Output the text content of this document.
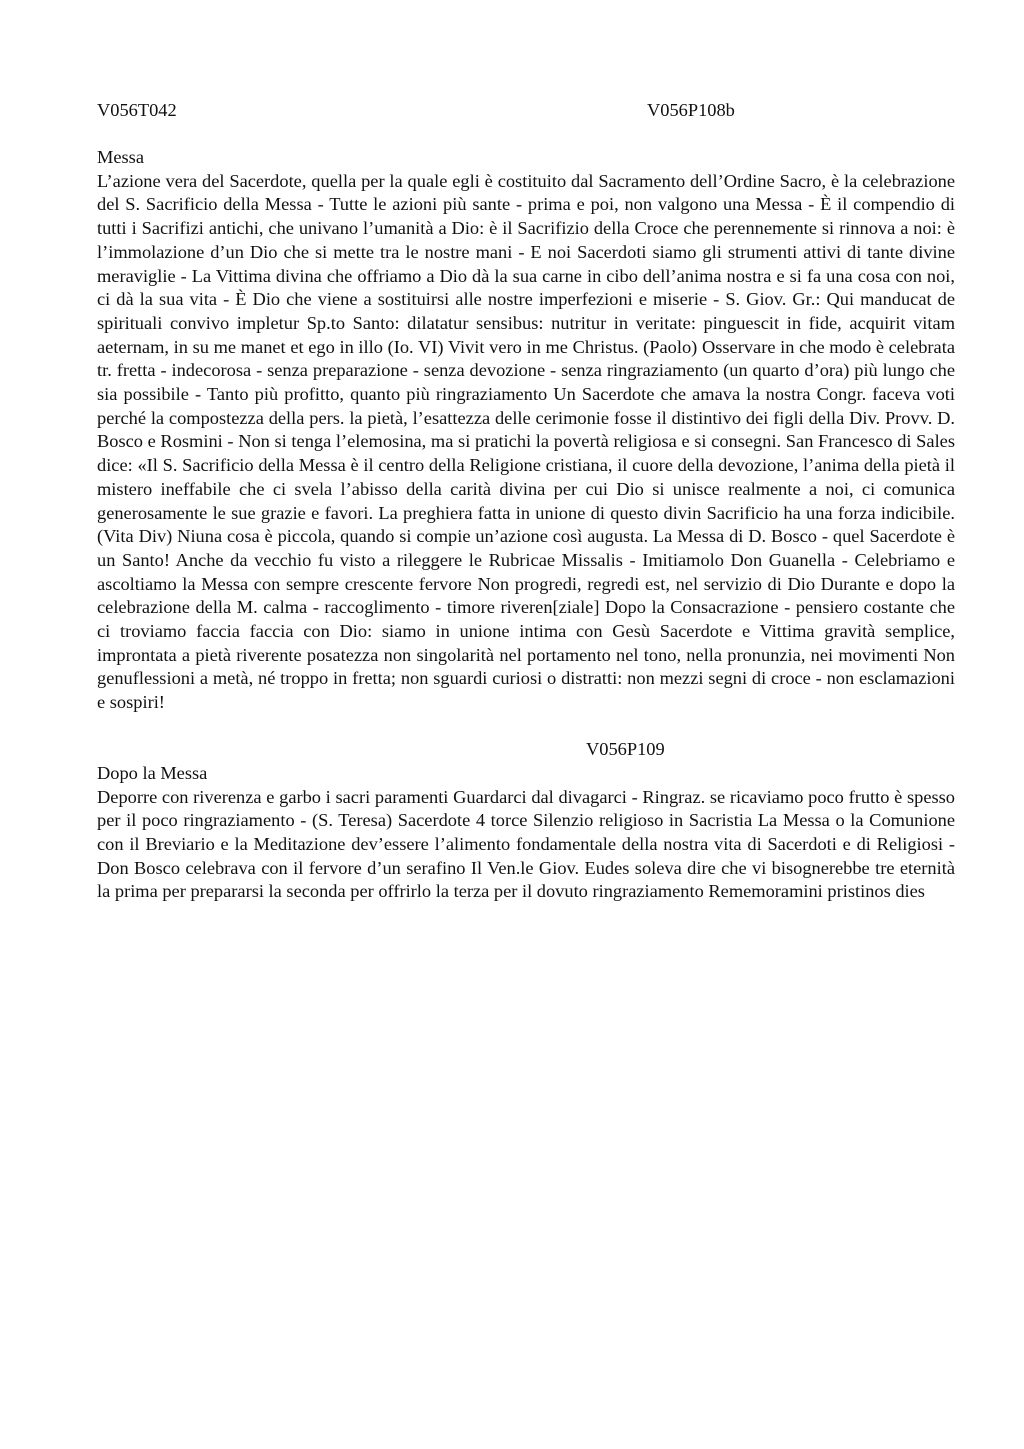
V056T042	V056P108b
Messa

L’azione vera del Sacerdote, quella per la quale egli è costituito dal Sacramento dell’Ordine Sacro, è la celebrazione del S. Sacrificio della Messa - Tutte le azioni più sante - prima e poi, non valgono una Messa - È il compendio di tutti i Sacrifizi antichi, che univano l’umanità a Dio: è il Sacrifizio della Croce che perennemente si rinnova a noi: è l’immolazione d’un Dio che si mette tra le nostre mani - E noi Sacerdoti siamo gli strumenti attivi di tante divine meraviglie - La Vittima divina che offriamo a Dio dà la sua carne in cibo dell’anima nostra e si fa una cosa con noi, ci dà la sua vita - È Dio che viene a sostituirsi alle nostre imperfezioni e miserie - S. Giov. Gr.: Qui manducat de spirituali convivo impletur Sp.to Santo: dilatatur sensibus: nutritur in veritate: pinguescit in fide, acquirit vitam aeternam, in su me manet et ego in illo (Io. VI) Vivit vero in me Christus. (Paolo) Osservare in che modo è celebrata tr. fretta - indecorosa - senza preparazione - senza devozione - senza ringraziamento (un quarto d’ora) più lungo che sia possibile - Tanto più profitto, quanto più ringraziamento Un Sacerdote che amava la nostra Congr. faceva voti perché la compostezza della pers. la pietà, l’esattezza delle cerimonie fosse il distintivo dei figli della Div. Provv. D. Bosco e Rosmini - Non si tenga l’elemosina, ma si pratichi la povertà religiosa e si consegni. San Francesco di Sales dice: «Il S. Sacrificio della Messa è il centro della Religione cristiana, il cuore della devozione, l’anima della pietà il mistero ineffabile che ci svela l’abisso della carità divina per cui Dio si unisce realmente a noi, ci comunica generosamente le sue grazie e favori. La preghiera fatta in unione di questo divin Sacrificio ha una forza indicibile. (Vita Div) Niuna cosa è piccola, quando si compie un’azione così augusta. La Messa di D. Bosco - quel Sacerdote è un Santo! Anche da vecchio fu visto a rileggere le Rubricae Missalis - Imitiamolo Don Guanella - Celebriamo e ascoltiamo la Messa con sempre crescente fervore Non progredi, regredi est, nel servizio di Dio Durante e dopo la celebrazione della M. calma - raccoglimento - timore riveren[ziale] Dopo la Consacrazione - pensiero costante che ci troviamo faccia faccia con Dio: siamo in unione intima con Gesù Sacerdote e Vittima gravità semplice, improntata a pietà riverente posatezza non singolarità nel portamento nel tono, nella pronunzia, nei movimenti Non genuflessioni a metà, né troppo in fretta; non sguardi curiosi o distratti: non mezzi segni di croce - non esclamazioni e sospiri!

V056P109
Dopo la Messa

Deporre con riverenza e garbo i sacri paramenti Guardarci dal divagarci - Ringraz. se ricaviamo poco frutto è spesso per il poco ringraziamento - (S. Teresa) Sacerdote 4 torce Silenzio religioso in Sacristia La Messa o la Comunione con il Breviario e la Meditazione dev’essere l’alimento fondamentale della nostra vita di Sacerdoti e di Religiosi - Don Bosco celebrava con il fervore d’un serafino Il Ven.le Giov. Eudes soleva dire che vi bisognerebbe tre eternità la prima per prepararsi la seconda per offrirlo la terza per il dovuto ringraziamento Rememoramini pristinos dies
